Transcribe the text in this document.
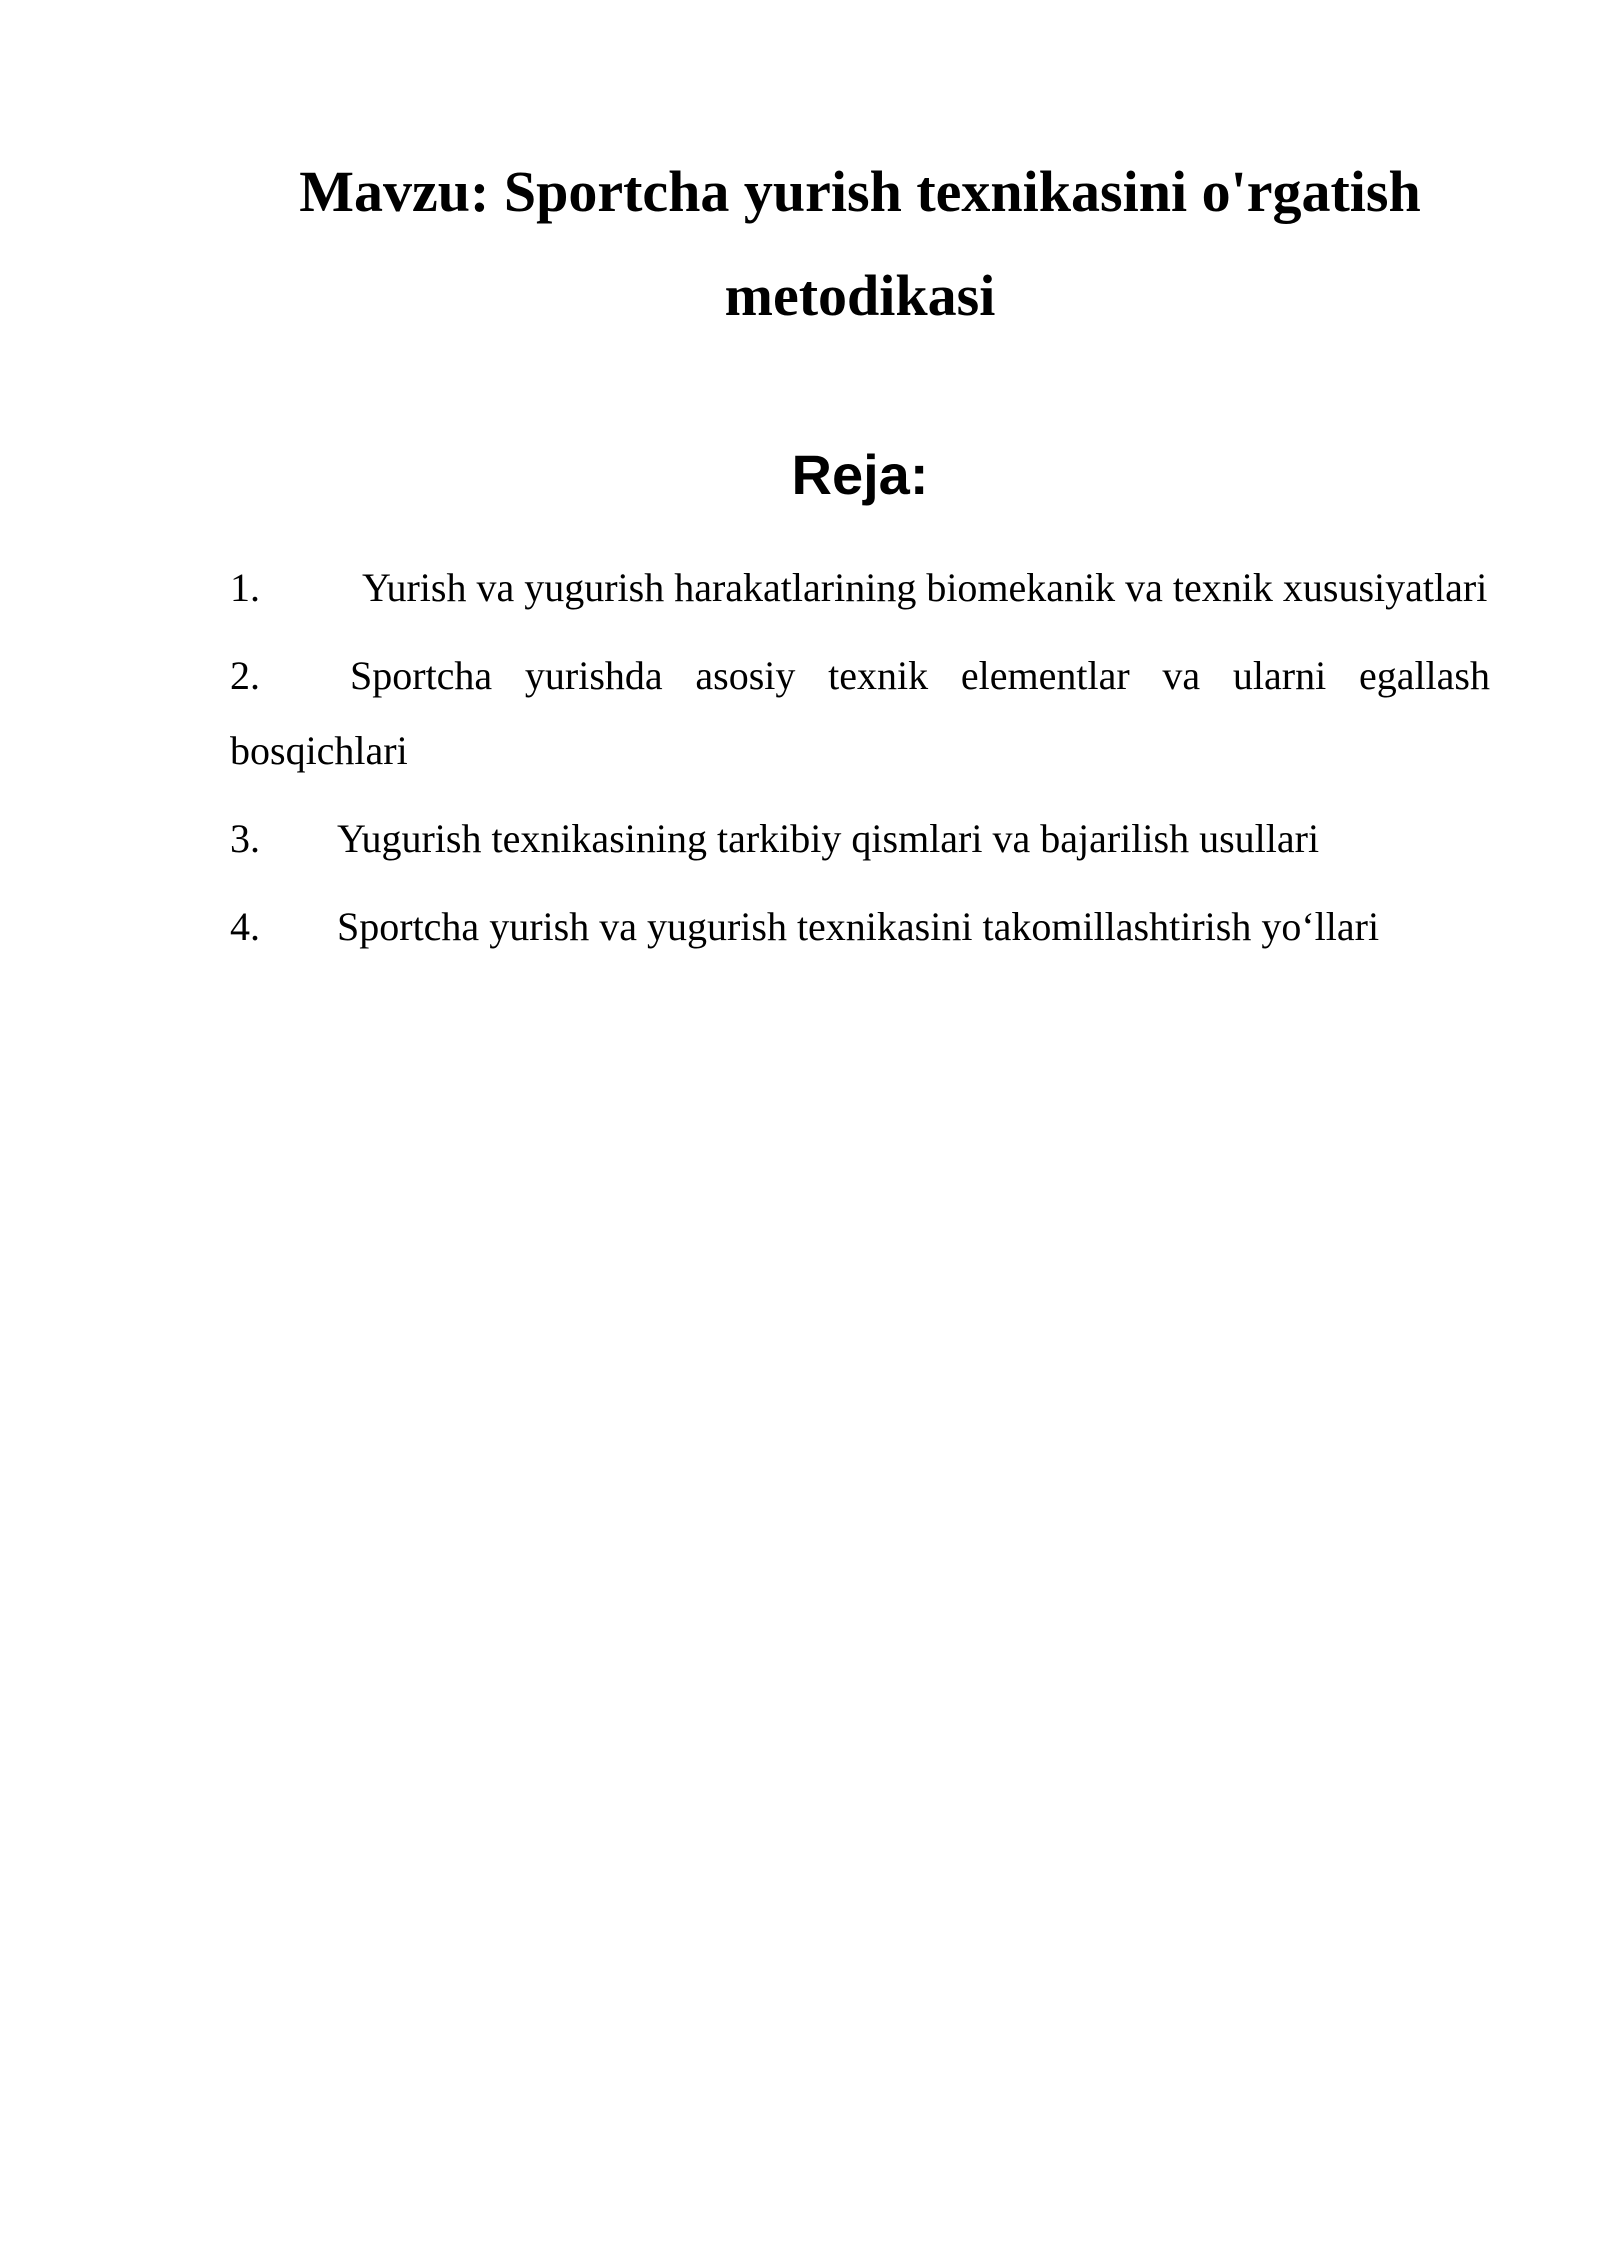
Mavzu: Sportcha yurish texnikasini o'rgatish metodikasi
Reja:
1.	Yurish va yugurish harakatlarining biomekanik va texnik xususiyatlari
2. Sportcha yurishda asosiy texnik elementlar va ularni egallash bosqichlari
3. Yugurish texnikasining tarkibiy qismlari va bajarilish usullari
4. Sportcha yurish va yugurish texnikasini takomillashtirish yo‘llari
